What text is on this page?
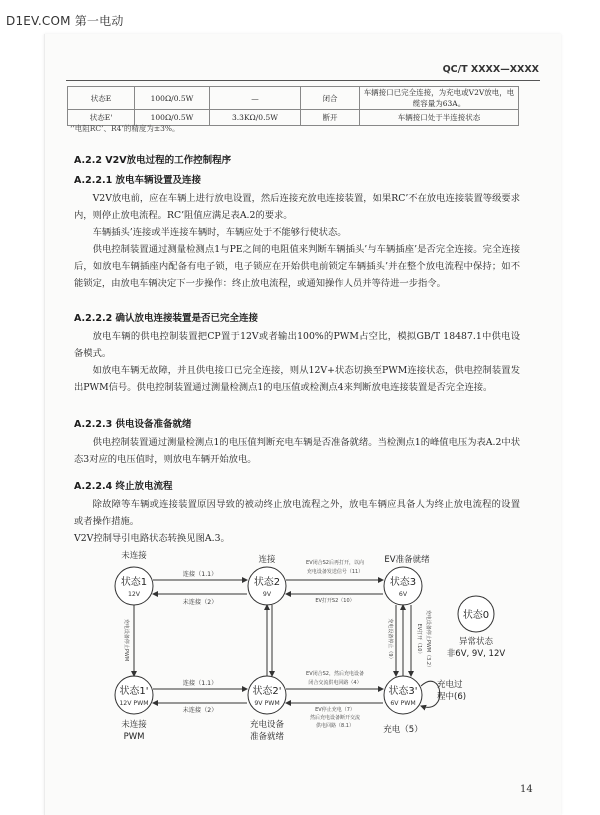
D1EV.COM 第一电动
QC/T XXXX—XXXX
状态E	100Ω/0.5W	—	闭合	车辆接口已完全连接，为充电或V2V放电，电缆容量为63A。
状态E'	100Ω/0.5W	3.3KΩ/0.5W	断开	车辆接口处于半连接状态
‘’电阻RC’、R4’的精度为±3%。
A.2.2 V2V放电过程的工作控制程序
A.2.2.1 放电车辆设置及连接

V2V放电前，应在车辆上进行放电设置，然后连接充放电连接装置，如果RC’不在放电连接装置等级要求内，则停止放电流程。RC’阻值应满足表A.2的要求。

车辆插头’连接或半连接车辆时，车辆应处于不能够行使状态。

供电控制装置通过测量检测点1与PE之间的电阻值来判断车辆插头’与车辆插座’是否完全连接。完全连接后，如放电车辆插座内配备有电子锁，电子锁应在开始供电前锁定车辆插头’并在整个放电流程中保持；如不能锁定，由放电车辆决定下一步操作：终止放电流程，或通知操作人员并等待进一步指令。

A.2.2.2 确认放电连接装置是否已完全连接

放电车辆的供电控制装置把CP置于12V或者输出100%的PWM占空比，模拟GB/T 18487.1中供电设备模式。

如放电车辆无故障，并且供电接口已完全连接，则从12V+状态切换至PWM连接状态，供电控制装置发出PWM信号。供电控制装置通过测量检测点1的电压值或检测点4来判断放电连接装置是否完全连接。

A.2.2.3 供电设备准备就绪

供电控制装置通过测量检测点1的电压值判断充电车辆是否准备就绪。当检测点1的峰值电压为表A.2中状态3对应的电压值时，则放电车辆开始放电。

A.2.2.4 终止放电流程

除故障等车辆或连接装置原因导致的被动终止放电流程之外，放电车辆应具备人为终止放电流程的设置或者操作措施。

V2V控制导引电路状态转换见图A.3。

状态1
12V
未连接
状态2
9V
连接
状态3
6V
EV准备就绪
状态1'
12V PWM
未连接
PWM
状态2'
9V PWM
充电设备
准备就绪
状态3'
6V PWM
充电（5）
状态0
异常状态
非6V, 9V, 12V
连接（1.1）
未连接（2）
EV闭合S2后再打开，以向
充电设备发送信号（11）
EV打开S2（10）
连接（1.1）
未连接（2）
EV闭合S2，然后充电设备
闭合交流供电回路（4）
EV停止充电（7）
然后充电设备断开交流
供电回路（8.1）
充电设备停止PWM	充电设备停止（9）	EV打开（10） 充电设备停止PWM（3.2）
充电过
程中(6)
14
